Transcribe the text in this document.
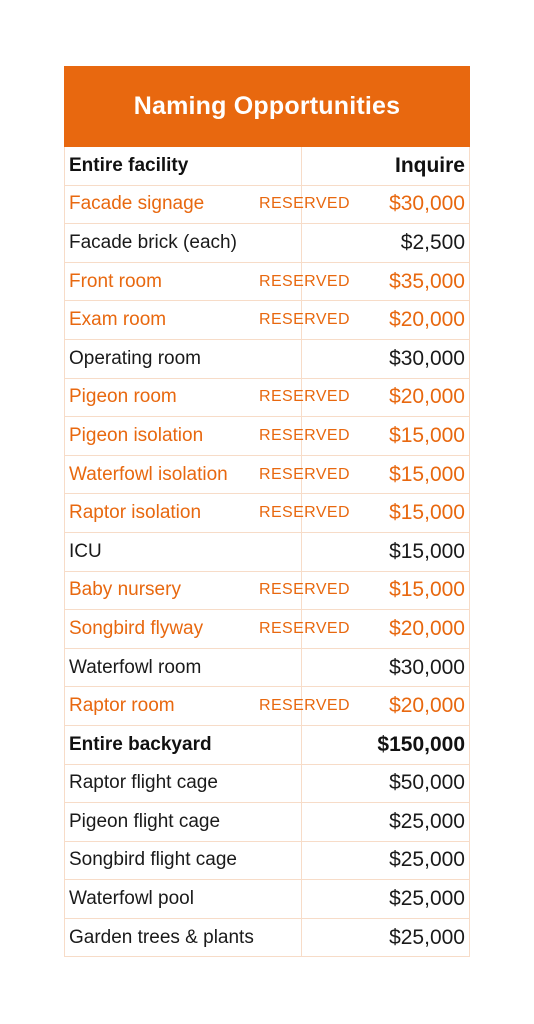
Naming Opportunities
Entire facility	Inquire
Facade signage	RESERVED $30,000
Facade brick (each)	$2,500
Front room	RESERVED $35,000
Exam room	RESERVED $20,000
Operating room	$30,000
Pigeon room	RESERVED $20,000
Pigeon isolation	RESERVED $15,000
Waterfowl isolation RESERVED $15,000
Raptor isolation	RESERVED $15,000
ICU	$15,000
Baby nursery	RESERVED $15,000
Songbird flyway	RESERVED $20,000
Waterfowl room	$30,000
Raptor room	RESERVED $20,000
Entire backyard	$150,000
Raptor flight cage	$50,000
Pigeon flight cage	$25,000
Songbird flight cage	$25,000
Waterfowl pool	$25,000
Garden trees & plants	$25,000
